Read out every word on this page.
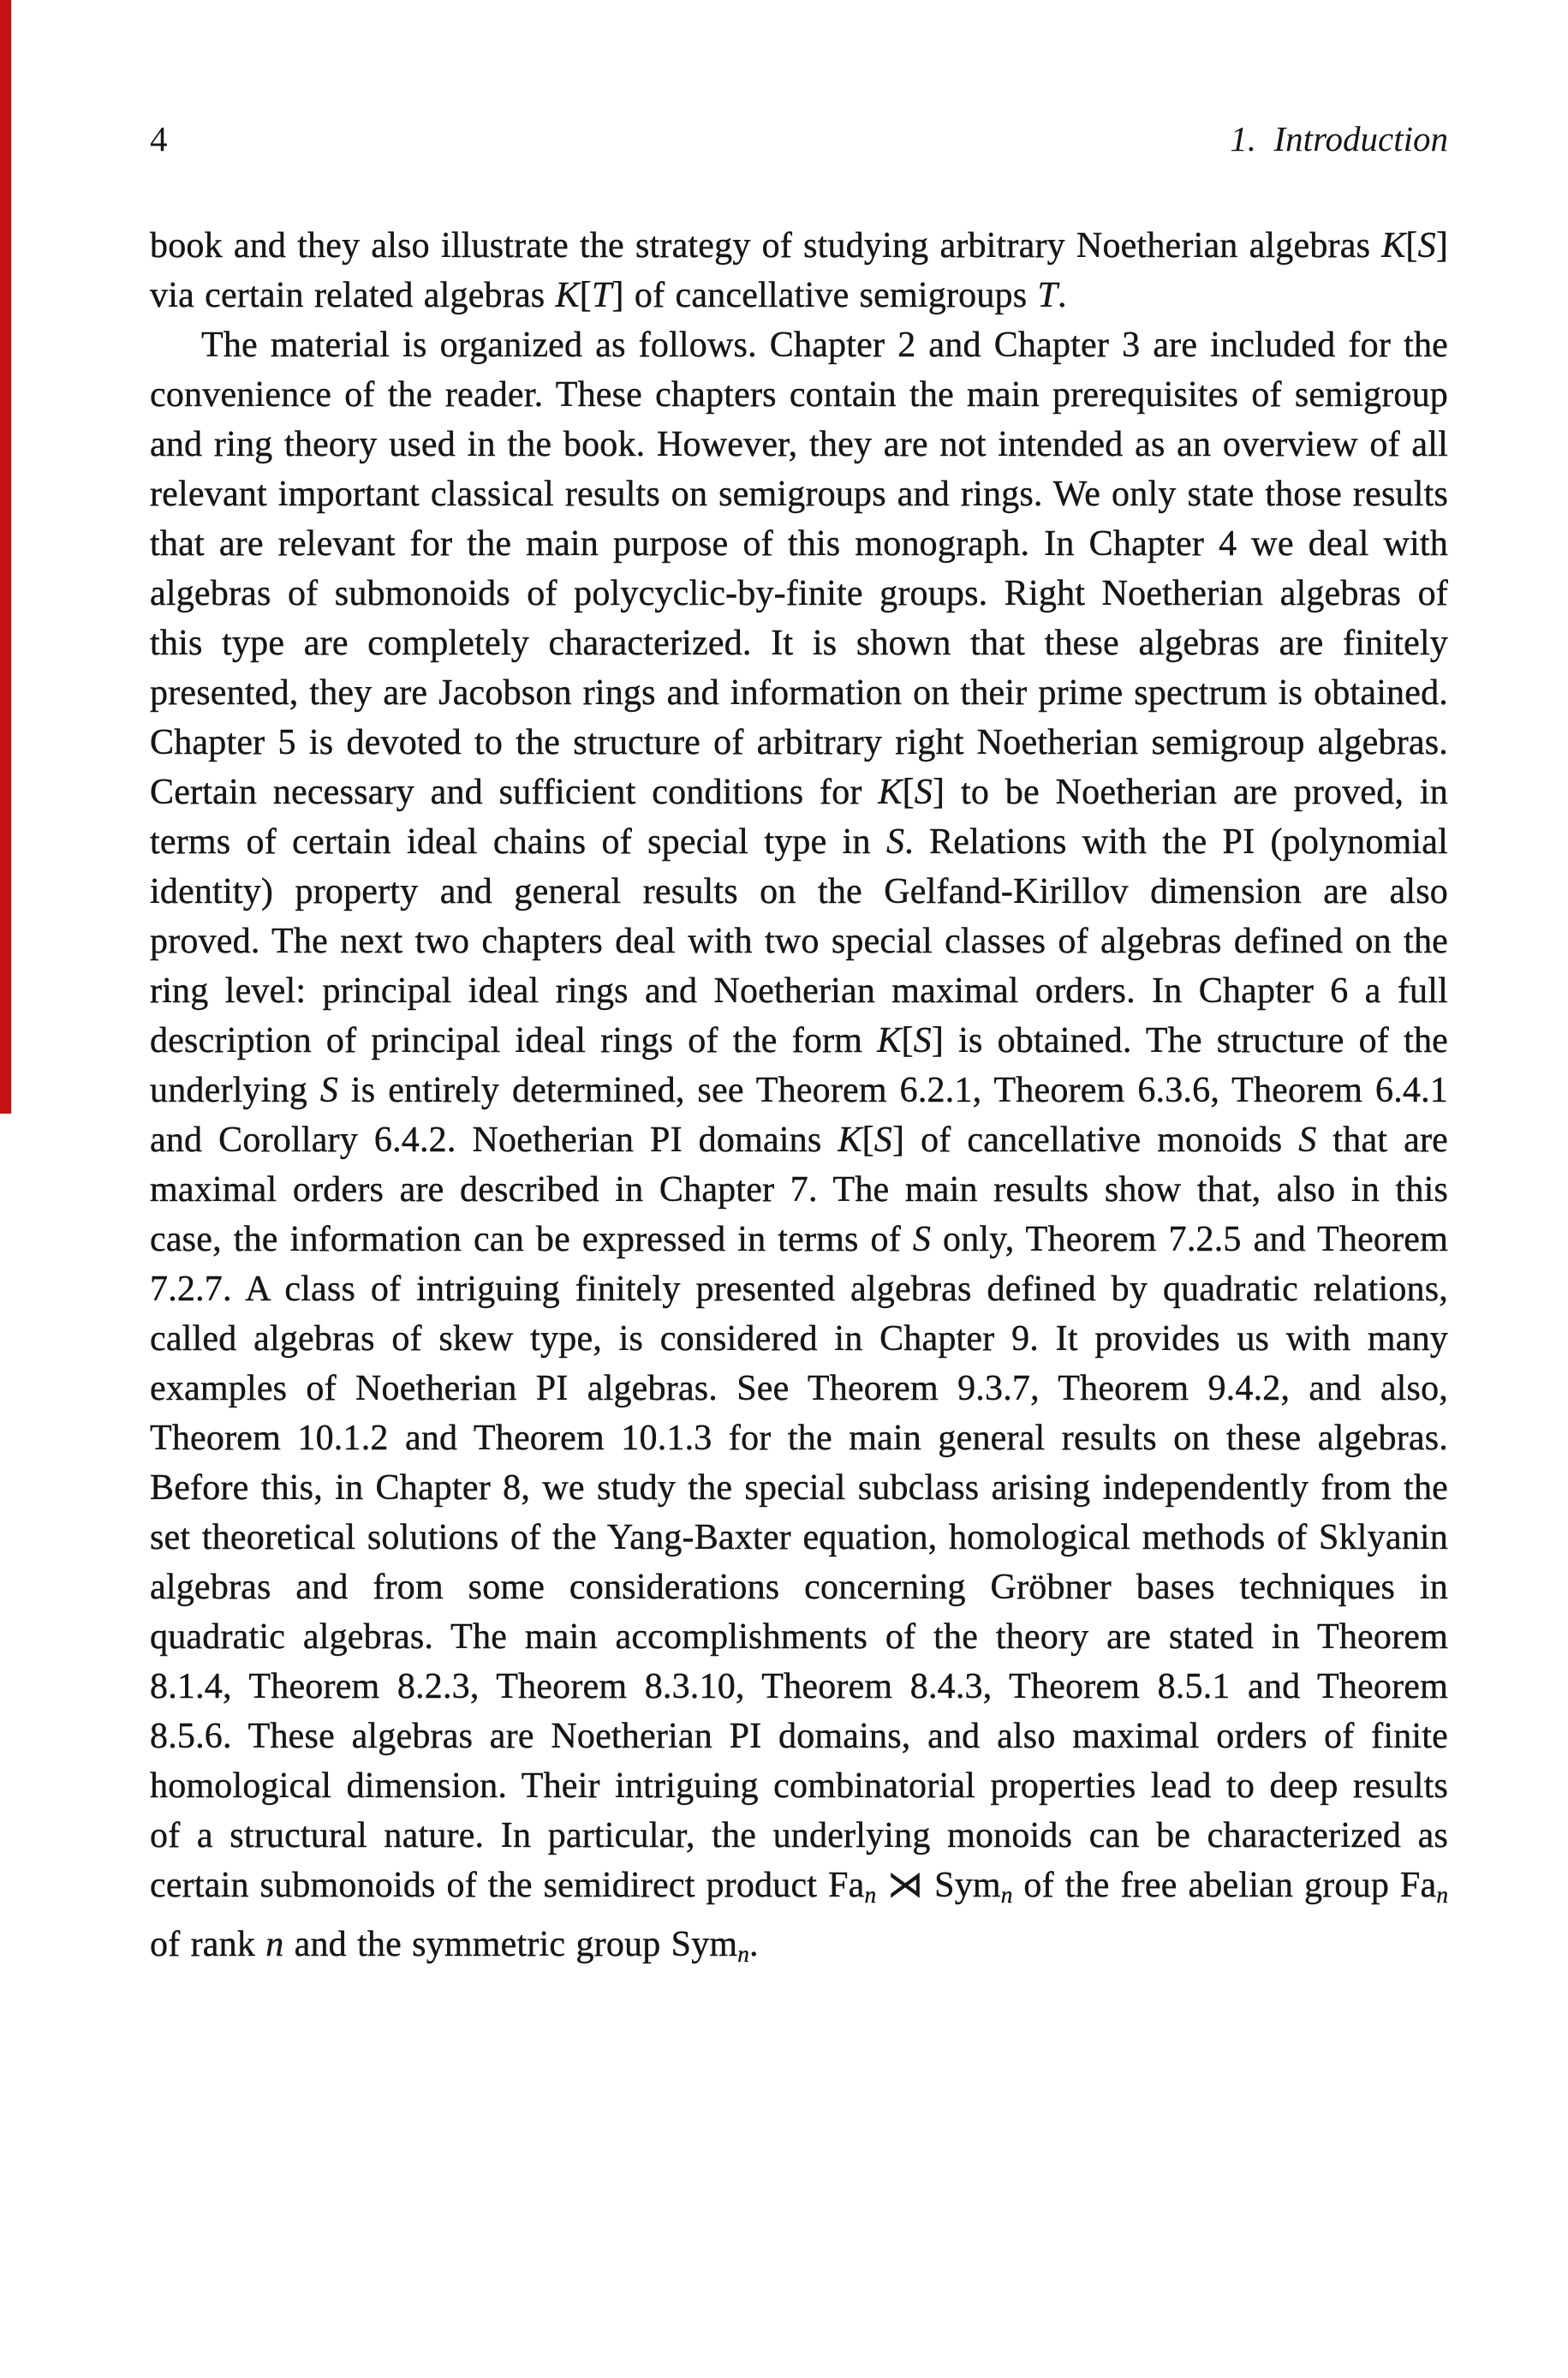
4	1.  Introduction

book and they also illustrate the strategy of studying arbitrary Noetherian algebras K[S] via certain related algebras K[T] of cancellative semigroups T.

The material is organized as follows. Chapter 2 and Chapter 3 are included for the convenience of the reader. These chapters contain the main prerequisites of semigroup and ring theory used in the book. However, they are not intended as an overview of all relevant important classical results on semigroups and rings. We only state those results that are relevant for the main purpose of this monograph. In Chapter 4 we deal with algebras of submonoids of polycyclic-by-finite groups. Right Noetherian algebras of this type are completely characterized. It is shown that these algebras are finitely presented, they are Jacobson rings and information on their prime spectrum is obtained. Chapter 5 is devoted to the structure of arbitrary right Noetherian semigroup algebras. Certain necessary and sufficient conditions for K[S] to be Noetherian are proved, in terms of certain ideal chains of special type in S. Relations with the PI (polynomial identity) property and general results on the Gelfand-Kirillov dimension are also proved. The next two chapters deal with two special classes of algebras defined on the ring level: principal ideal rings and Noetherian maximal orders. In Chapter 6 a full description of principal ideal rings of the form K[S] is obtained. The structure of the underlying S is entirely determined, see Theorem 6.2.1, Theorem 6.3.6, Theorem 6.4.1 and Corollary 6.4.2. Noetherian PI domains K[S] of cancellative monoids S that are maximal orders are described in Chapter 7. The main results show that, also in this case, the information can be expressed in terms of S only, Theorem 7.2.5 and Theorem 7.2.7. A class of intriguing finitely presented algebras defined by quadratic relations, called algebras of skew type, is considered in Chapter 9. It provides us with many examples of Noetherian PI algebras. See Theorem 9.3.7, Theorem 9.4.2, and also, Theorem 10.1.2 and Theorem 10.1.3 for the main general results on these algebras. Before this, in Chapter 8, we study the special subclass arising independently from the set theoretical solutions of the Yang-Baxter equation, homological methods of Sklyanin algebras and from some considerations concerning Gröbner bases techniques in quadratic algebras. The main accomplishments of the theory are stated in Theorem 8.1.4, Theorem 8.2.3, Theorem 8.3.10, Theorem 8.4.3, Theorem 8.5.1 and Theorem 8.5.6. These algebras are Noetherian PI domains, and also maximal orders of finite homological dimension. Their intriguing combinatorial properties lead to deep results of a structural nature. In particular, the underlying monoids can be characterized as certain submonoids of the semidirect product $Fa_n$ ⋊ Sym$_n$ of the free abelian group $Fa_n$ of rank n and the symmetric group Sym$_n$.
